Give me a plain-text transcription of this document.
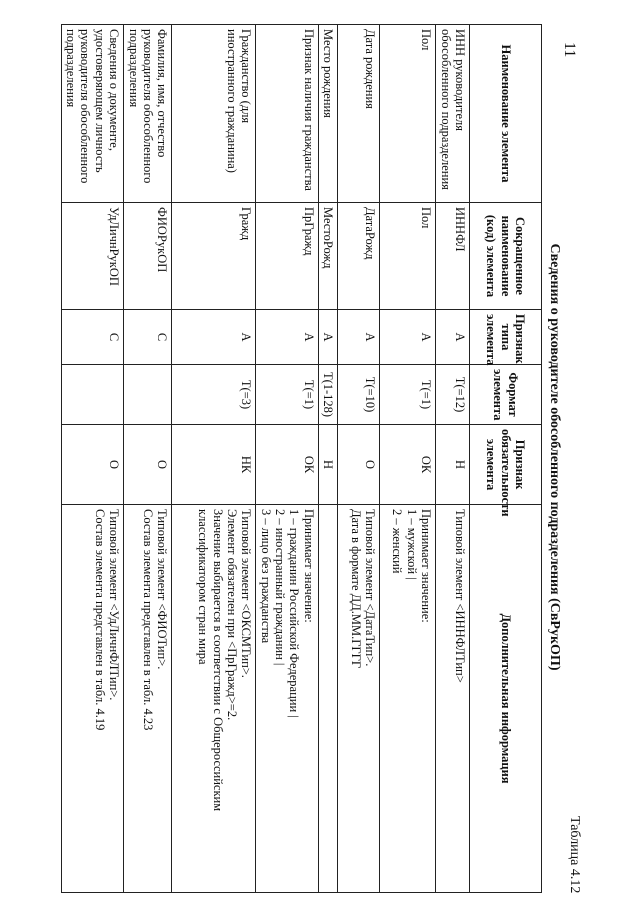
11
Таблица 4.12
Сведения о руководителе обособленного подразделения (СвРукОП)
Наименование элемента	Сокращенное наименование (код) элемента	Признак типа элемента	Формат элемента	Признак обязательности элемента	Дополнительная информация
ИНН руководителя обособленного подразделения	ИННФЛ	А	T(=12)	Н	Типовой элемент <ИННФЛТип>

Пол	Пол	А	T(=1)	ОК	Принимает значение:
1 – мужской |
2 – женский

Дата рождения	ДатаРожд	А	T(=10)	О	Типовой элемент <ДатаТип>.
Дата в формате ДД.ММ.ГГГГ

Место рождения	МестоРожд	А	T(1-128)	Н	
Признак наличия гражданства	ПрГражд	А	T(=1)	ОК	Принимает значение:
1 – гражданин Российской Федерации |
2 – иностранный гражданин |
3 – лицо без гражданства

Гражданство (для иностранного гражданина)	Гражд	А	T(=3)	НК	Типовой элемент <ОКСМТип>.
Элемент обязателен при <ПрГражд>=2.
Значение выбирается в соответствии с Общероссийским классификатором стран мира

Фамилия, имя, отчество руководителя обособленного подразделения	ФИОРукОП	С		О	Типовой элемент <ФИОТип>.
Состав элемента представлен в табл. 4.23

Сведения о документе, удостоверяющем личность руководителя обособленного подразделения	УдЛичнРукОП	С		О	Типовой элемент <УдЛичнФЛТип>.
Состав элемента представлен в табл. 4.19
